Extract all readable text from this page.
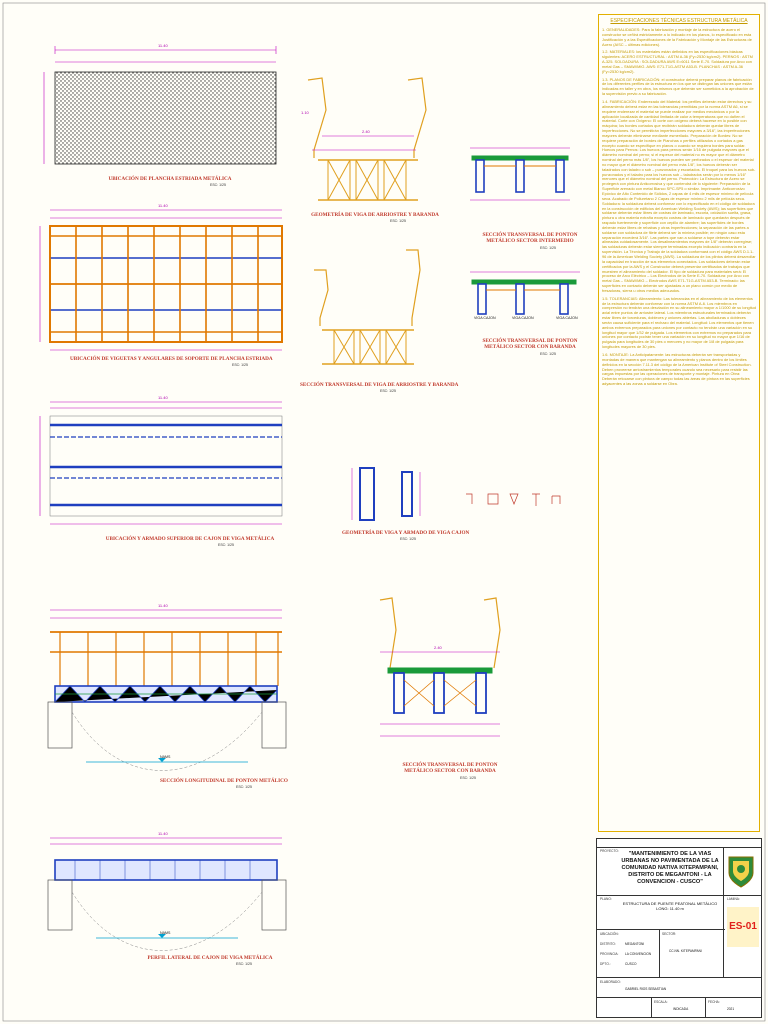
11.40
11.40
11.40
11.40
11.40
2.40
2.40
1.10
NAMS
NAMS
VIGA CAJON	VIGA CAJON	VIGA CAJON
UBICACIÓN DE PLANCHA ESTRIADA METÁLICA
ESC: 1/25
GEOMETRÍA DE VIGA DE ARRIOSTRE Y BARANDA
ESC: 1/25
SECCIÓN TRANSVERSAL DE PONTON METÁLICO SECTOR INTERMEDIO
ESC: 1/25
UBICACIÓN DE VIGUETAS Y ANGULARES DE SOPORTE DE PLANCHA ESTRIADA
ESC: 1/25
SECCIÓN TRANSVERSAL DE VIGA DE ARRIOSTRE Y BARANDA
ESC: 1/25
SECCIÓN TRANSVERSAL DE PONTON METÁLICO SECTOR CON BARANDA
ESC: 1/25
UBICACIÓN Y ARMADO SUPERIOR DE CAJON DE VIGA METÁLICA
ESC: 1/25
GEOMETRÍA DE VIGA Y ARMADO DE VIGA CAJON
ESC: 1/25
SECCIÓN LONGITUDINAL DE PONTON METÁLICO
ESC: 1/25
SECCIÓN TRANSVERSAL DE PONTON METÁLICO SECTOR CON BARANDA
ESC: 1/25
PERFIL LATERAL DE CAJON DE VIGA METÁLICA
ESC: 1/25
ESPECIFICACIONES TÉCNICAS ESTRUCTURA METÁLICA

1. GENERALIDADES: Para la fabricación y montaje de la estructura de acero el constructor se ceñirá estrictamente a lo indicado en los planos, lo especificado en esta Justificación y a las Especificaciones de la Fabricación y Montaje de las Estructuras de Acero (AISC – últimas ediciones).

1.2. MATERIALES: los materiales están definidos en las especificaciones básicas siguientes: ACERO ESTRUCTURAL : ASTM A-36 (Fy=2530 kg/cm2). PERNOS : ASTM A-325. SOLDADURA : SOLDADURA AWS E=6011 Serie E-70. Soldadura por Arco con metal Gas – SMAW/MIG. AWS: E71-T1G-ASTM A53-B. PLANCHAS : ASTM A-36 (Fy=2530 kg/cm2).

1.3. PLANOS DE FABRICACIÓN: el constructor deberá preparar planos de fabricación de los diferentes perfiles de la estructura en los que se distingan las uniones que están indicadas en taller y en obra, los mismos que deberán ser sometidos a la aprobación de la supervisión previo a su fabricación.

1.4. FABRICACIÓN: Enderezado del Material: los perfiles deberán estar derechos y su alineamiento deberá estar en las tolerancias permitidas por la norma ASTM A6, si se requiere enderezar el material se puede realizar por medios mecánicos o por la aplicación localizada de cantidad limitada de calor a temperaturas que no dañen el material. Corte con Oxígeno: El corte con oxígeno deberá hacerse en lo posible con máquina; los bordes cortados que recibirán soldadura deberán quedar libres de imperfecciones. No se permitirán imperfecciones mayores a 3/16", las imperfecciones mayores deberán eliminarse mediante esmerilado. Preparación de Bordes: No se requiere preparación de bordes de Planchas o perfiles utilizados o cortados a gas excepto cuando se especifique en planos o cuando se requiera bordes para soldar. Huecos para Pernos: Los huecos para pernos serán 1/16 de pulgada mayores que el diámetro nominal del perno; si el espesor del material no es mayor que el diámetro nominal del perno más 1/8", los huecos pueden ser perforados o el espesor del material no mayor que el diámetro nominal del perno más 1/8", los huecos deberán ser taladrados con taladro o sub – punzonados y escariados. El troquel para los huecos sub-punzonados y el taladro para los huecos sub – taladrados serán por lo menos 1/16" menores que el diámetro nominal del perno. Protección: La Estructura de Acero se protegerá con pintura Anticorrosiva y que contendrá de lo siguiente: Preparación de la Superficie arenado con metal Blanco SPC-SP5 o similar. Imprimante: Anticorrosivo Epóxico de Alto Contenido de Sólidos, 2 capas de 4 mils de espesor mínimo de película seca. Acabado de Poliuretano 2 Capas de espesor mínimo 2 mils de película seca. Soldadura: la soldadura deberá conformar con lo especificado en el código de soldadura en la construcción de edificios del American Welding Society (AWS); las superficies que soldarse deberán estar libres de costras de laminado, escoria, oxidación suelta, grasa, pintura u otra materia extraña excepto costras de laminado que quedarán después de raspado fuertemente y superficie con cepillo de alambre; las superficies de bordes deberán estar libres de rebabas y otras imperfecciones; la separación de las partes a soldarse con soldadura de filete deberá ser la mínima posible; en ningún caso esta separación excederá 3/16". Las partes que van a soldarse a tope deberán estar alineadas cuidadosamente. Los desalineamientos mayores de 1/8" deberán corregirse; las soldaduras deberán estar siempre terminadas excepto indicación contraria en la supervisión. La Técnica y Trabajo de la soldadura conformará con el código AWS D.1.1-96 de la American Welding Society (AWS). La soldadura de los plintos deberá desarrollar la capacidad en tracción de sus elementos conectados. Los soldadores deberán estar certificados por la AWS y el Constructor deberá presentar certificados de trabajos que muestren el alineamiento del soldador. El tipo de soldadura para materiales será: El proceso de Arco Eléctrico – Los Electrodos de la Serie E-70. Soldadura: por Arco con metal Gas – SMAW/MIG – Electrodos AWS E71-T1G-ASTM A53-B. Terminado: las superficies en contacto deberán ser ajustadas a un plano común por medio de fresadoras, sierra u otros medios adecuados.

1.5. TOLERANCIAS: Alineamiento: Las tolerancias en el alineamiento de los elementos de la estructura deberán conformar con la norma ASTM A-6. Los miembros en compresión no tendrán una desviación en su alineamiento mayor a 1/1000 de su longitud axial entre puntos de arriostre lateral. Los miembros estructurales terminados deberán estar libres de torceduras, dobleces y uniones abiertas. Las abolladuras o dobleces serán causa suficiente para el rechazo del material. Longitud: Los elementos que tienen ambos extremos preparados para uniones por contacto no tendrán una variación en su longitud mayor que 1/32 de pulgada. Los elementos con extremos no preparados para uniones por contacto podrán tener una variación en su longitud no mayor que 1/16 de pulgada para longitudes de 30 pies o menores y no mayor de 1/8 de pulgada para longitudes mayores de 30 pies.

1.6. MONTAJE: La Anticipatamente: las estructuras deberán ser transportadas y montadas de manera que mantengan su alineamiento y planos dentro de los límites definidos en la sección 7.11.3 del código de la American Institute of Steel Construction. Deben proveerse arriostramientos temporales cuando sea necesario para resistir las cargas impuestas por las operaciones de transporte y montaje. Pintura en Obra: Deberán retocarse con pintura de campo todas las áreas de pintura en las superficies adyacentes a las zonas a soldarse en Obra.

PROYECTO:	"MANTENIMIENTO DE LA VIAS URBANAS NO PAVIMENTADA DE LA COMUNIDAD NATIVA KITEPAMPANI, DISTRITO DE MEGANTONI - LA CONVENCION - CUSCO"
PLANO:
ESTRUCTURA DE PUENTE PEATONAL METÁLICO
LONG: 11.40 m
LAMINA:
ES-01
UBICACIÓN:
DISTRITO:	MEGANTONI
PROVINCIA: LA CONVENCION
DPTO.:	CUSCO
SECTOR:
CC.NN. KITEPAMPANI
ELABORADO:
GABRIEL RIOS SEBASTIAN
ESCALA:
INDICADA
FECHA:
2021
